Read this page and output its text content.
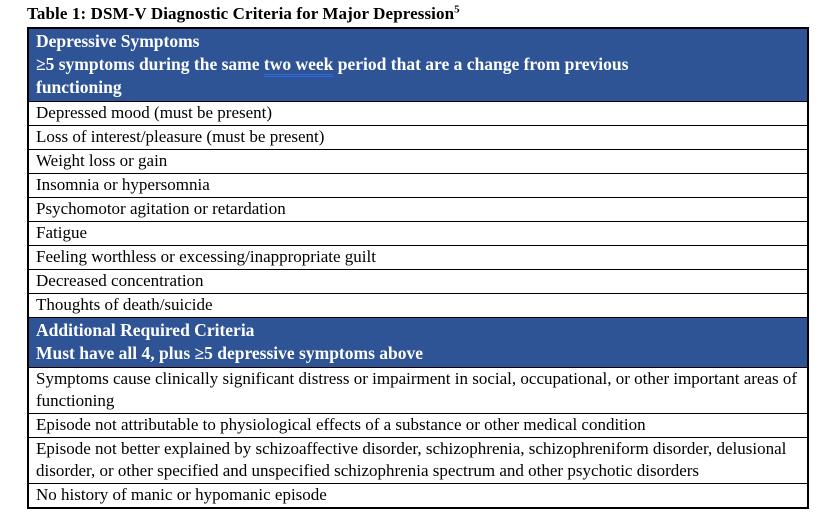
Table 1: DSM-V Diagnostic Criteria for Major Depression$^5$
Depressive Symptoms
≥5 symptoms during the same two week period that are a change from previous functioning

Depressed mood (must be present)
Loss of interest/pleasure (must be present)
Weight loss or gain
Insomnia or hypersomnia
Psychomotor agitation or retardation
Fatigue
Feeling worthless or excessing/inappropriate guilt
Decreased concentration
Thoughts of death/suicide

Additional Required Criteria
Must have all 4, plus ≥5 depressive symptoms above

Symptoms cause clinically significant distress or impairment in social, occupational, or other important areas of functioning
Episode not attributable to physiological effects of a substance or other medical condition
Episode not better explained by schizoaffective disorder, schizophrenia, schizophreniform disorder, delusional disorder, or other specified and unspecified schizophrenia spectrum and other psychotic disorders
No history of manic or hypomanic episode
